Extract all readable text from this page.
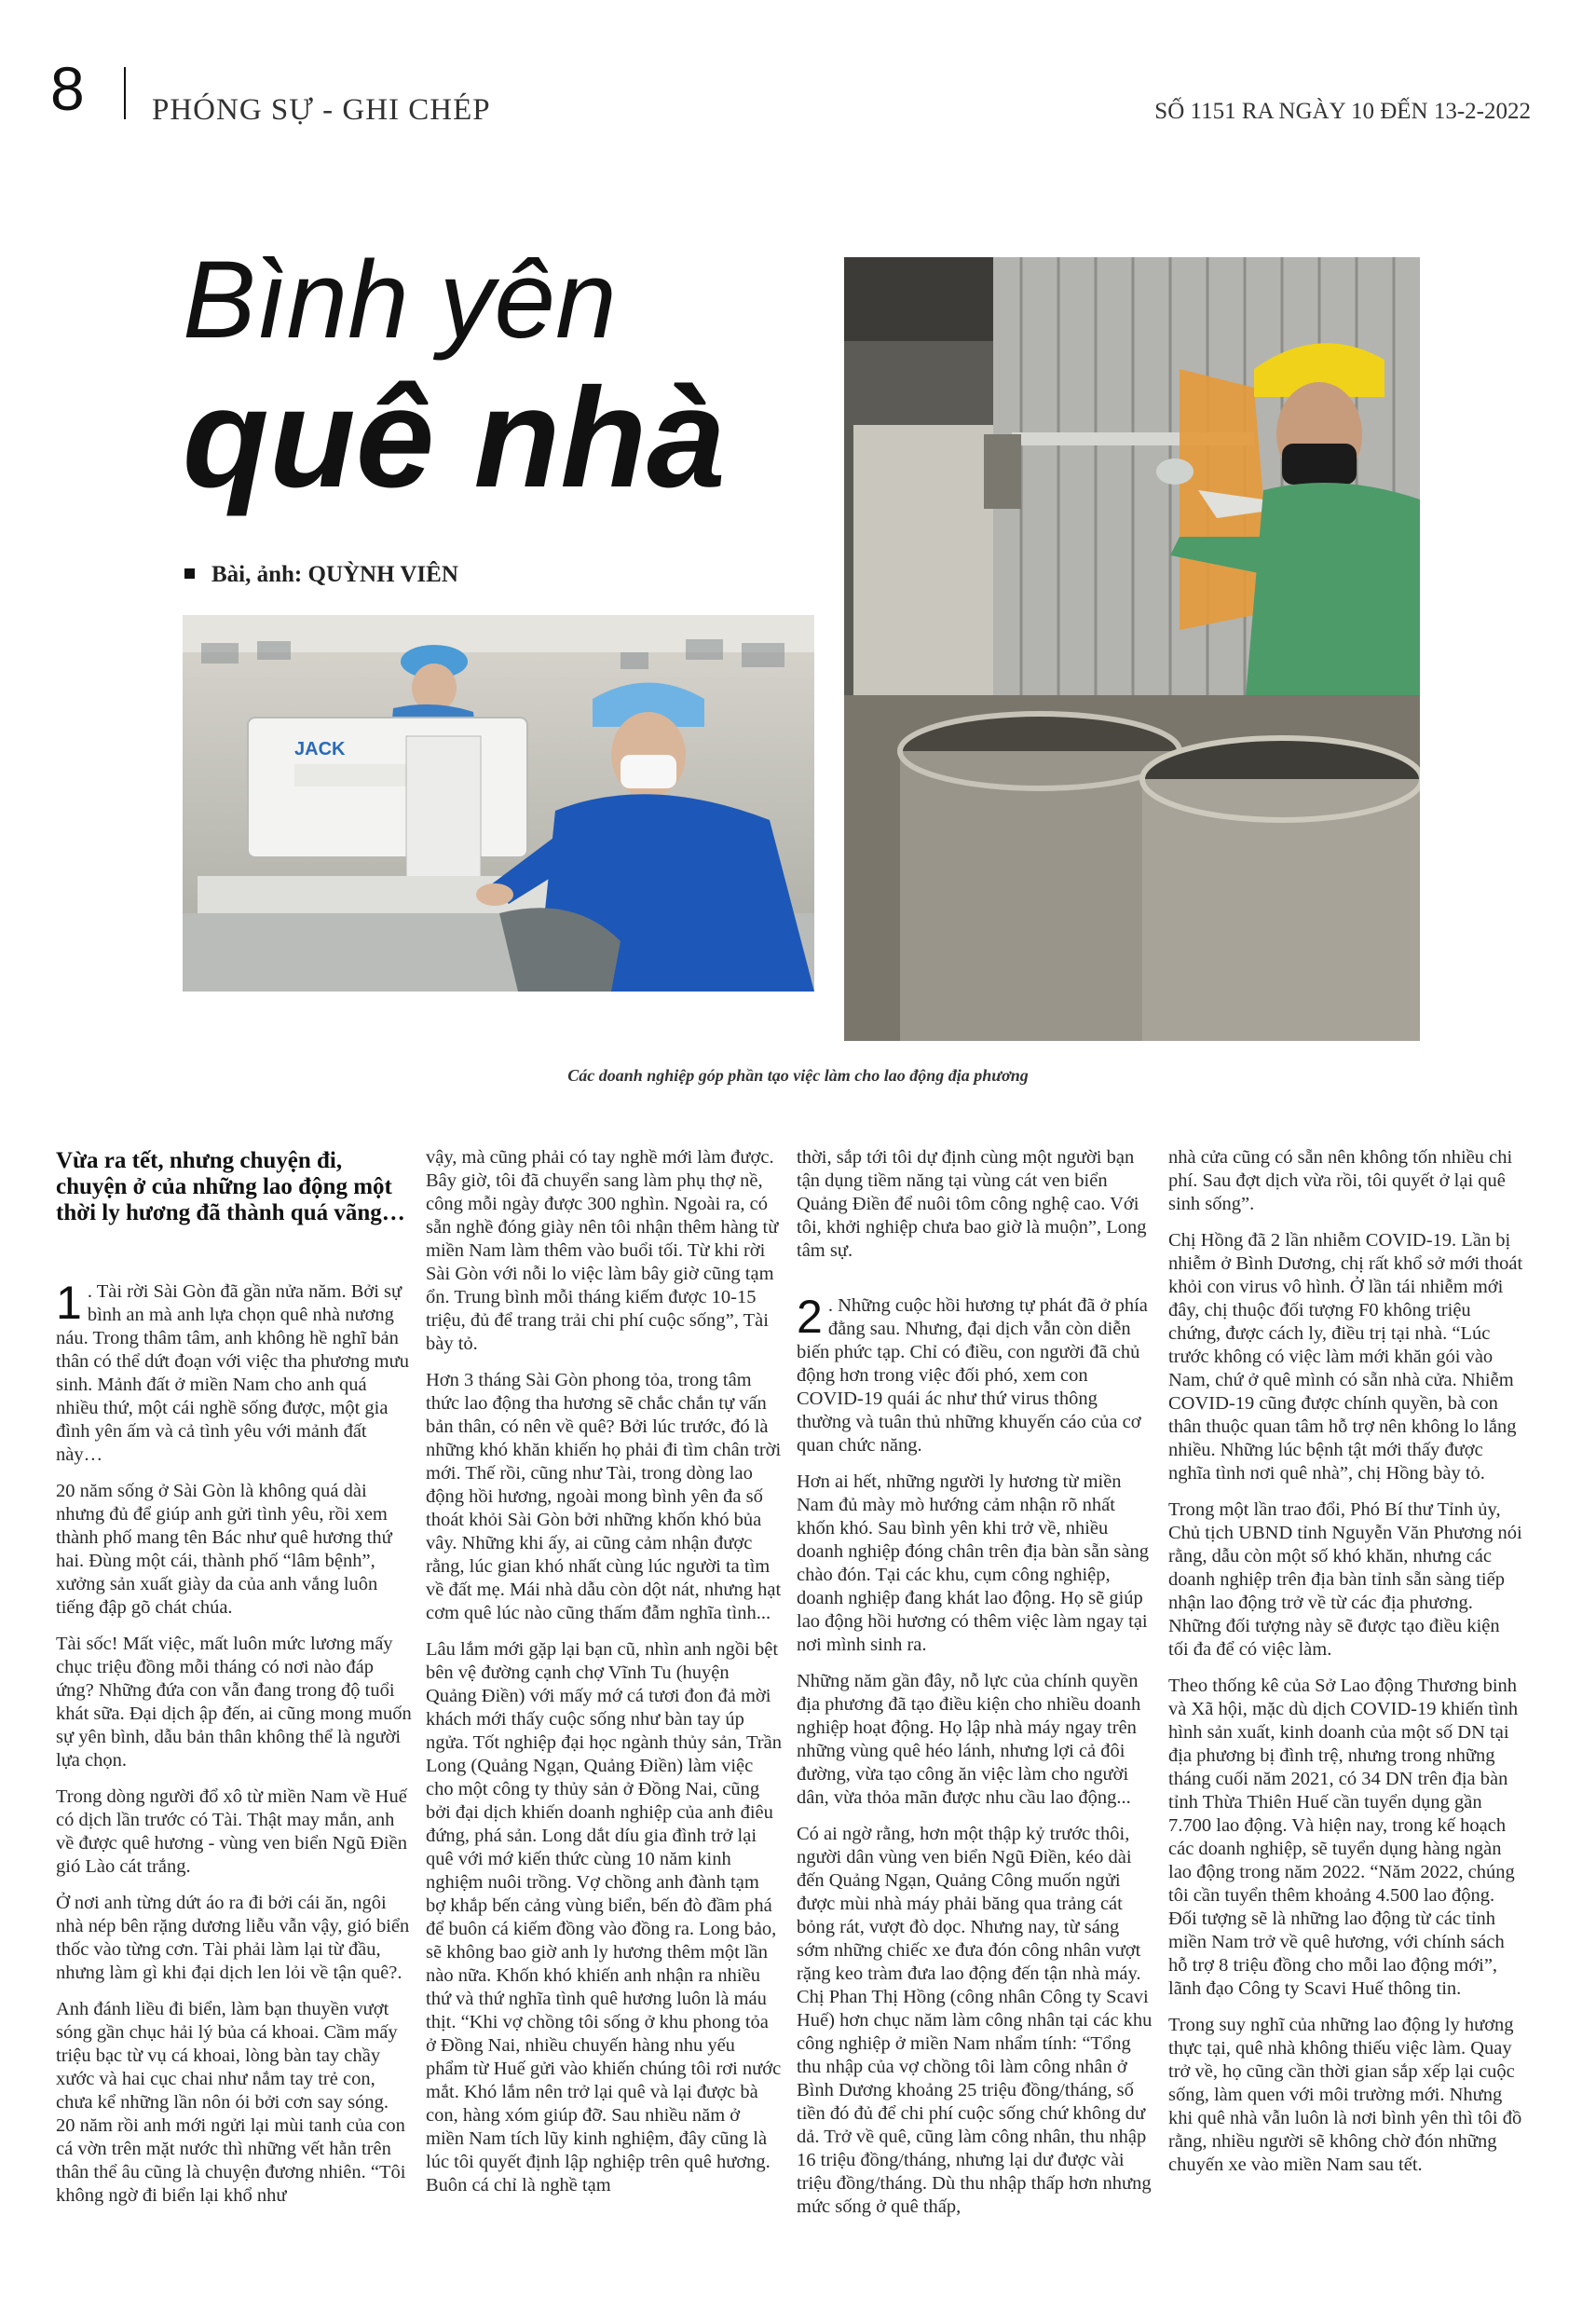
8 PHÓNG SỰ - GHI CHÉP	SỐ 1151 RA NGÀY 10 ĐẾN 13-2-2022
Bình yên
quê nhà
Bài, ảnh: QUỲNH VIÊN
JACK
Các doanh nghiệp góp phần tạo việc làm cho lao động địa phương

Vừa ra tết, nhưng chuyện đi, chuyện ở của những lao động một thời ly hương đã thành quá vãng…

1 . Tài rời Sài Gòn đã gần nửa năm. Bởi sự bình an mà anh lựa chọn quê nhà nương náu. Trong thâm tâm, anh không hề nghĩ bản thân có thể dứt đoạn với việc tha phương mưu sinh. Mảnh đất ở miền Nam cho anh quá nhiều thứ, một cái nghề sống được, một gia đình yên ấm và cả tình yêu với mảnh đất này…

20 năm sống ở Sài Gòn là không quá dài nhưng đủ để giúp anh gửi tình yêu, rồi xem thành phố mang tên Bác như quê hương thứ hai. Đùng một cái, thành phố “lâm bệnh”, xưởng sản xuất giày da của anh vắng luôn tiếng đập gõ chát chúa.

Tài sốc! Mất việc, mất luôn mức lương mấy chục triệu đồng mỗi tháng có nơi nào đáp ứng? Những đứa con vẫn đang trong độ tuổi khát sữa. Đại dịch ập đến, ai cũng mong muốn sự yên bình, dẫu bản thân không thể là người lựa chọn.

Trong dòng người đổ xô từ miền Nam về Huế có dịch lần trước có Tài. Thật may mắn, anh về được quê hương - vùng ven biển Ngũ Điền gió Lào cát trắng.

Ở nơi anh từng dứt áo ra đi bởi cái ăn, ngôi nhà nép bên rặng dương liễu vẫn vậy, gió biển thốc vào từng cơn. Tài phải làm lại từ đầu, nhưng làm gì khi đại dịch len lỏi về tận quê?.

Anh đánh liều đi biển, làm bạn thuyền vượt sóng gần chục hải lý bủa cá khoai. Cầm mấy triệu bạc từ vụ cá khoai, lòng bàn tay chầy xước và hai cục chai như nắm tay trẻ con, chưa kể những lần nôn ói bởi cơn say sóng. 20 năm rồi anh mới ngửi lại mùi tanh của con cá vờn trên mặt nước thì những vết hằn trên thân thể âu cũng là chuyện đương nhiên. “Tôi không ngờ đi biển lại khổ như

vậy, mà cũng phải có tay nghề mới làm được. Bây giờ, tôi đã chuyển sang làm phụ thợ nề, công mỗi ngày được 300 nghìn. Ngoài ra, có sẵn nghề đóng giày nên tôi nhận thêm hàng từ miền Nam làm thêm vào buổi tối. Từ khi rời Sài Gòn với nỗi lo việc làm bây giờ cũng tạm ổn. Trung bình mỗi tháng kiếm được 10-15 triệu, đủ để trang trải chi phí cuộc sống”, Tài bày tỏ.

Hơn 3 tháng Sài Gòn phong tỏa, trong tâm thức lao động tha hương sẽ chắc chắn tự vấn bản thân, có nên về quê? Bởi lúc trước, đó là những khó khăn khiến họ phải đi tìm chân trời mới. Thế rồi, cũng như Tài, trong dòng lao động hồi hương, ngoài mong bình yên đa số thoát khỏi Sài Gòn bởi những khốn khó bủa vây. Những khi ấy, ai cũng cảm nhận được rằng, lúc gian khó nhất cùng lúc người ta tìm về đất mẹ. Mái nhà dẫu còn dột nát, nhưng hạt cơm quê lúc nào cũng thấm đẫm nghĩa tình...

Lâu lắm mới gặp lại bạn cũ, nhìn anh ngồi bệt bên vệ đường cạnh chợ Vĩnh Tu (huyện Quảng Điền) với mấy mớ cá tươi đon đả mời khách mới thấy cuộc sống như bàn tay úp ngửa. Tốt nghiệp đại học ngành thủy sản, Trần Long (Quảng Ngạn, Quảng Điền) làm việc cho một công ty thủy sản ở Đồng Nai, cũng bởi đại dịch khiến doanh nghiệp của anh điêu đứng, phá sản. Long dắt díu gia đình trở lại quê với mớ kiến thức cùng 10 năm kinh nghiệm nuôi trồng. Vợ chồng anh đành tạm bợ khắp bến cảng vùng biển, bến đò đầm phá để buôn cá kiếm đồng vào đồng ra. Long bảo, sẽ không bao giờ anh ly hương thêm một lần nào nữa. Khốn khó khiến anh nhận ra nhiều thứ và thứ nghĩa tình quê hương luôn là máu thịt. “Khi vợ chồng tôi sống ở khu phong tỏa ở Đồng Nai, nhiều chuyến hàng nhu yếu phẩm từ Huế gửi vào khiến chúng tôi rơi nước mắt. Khó lắm nên trở lại quê và lại được bà con, hàng xóm giúp đỡ. Sau nhiều năm ở miền Nam tích lũy kinh nghiệm, đây cũng là lúc tôi quyết định lập nghiệp trên quê hương. Buôn cá chỉ là nghề tạm

thời, sắp tới tôi dự định cùng một người bạn tận dụng tiềm năng tại vùng cát ven biển Quảng Điền để nuôi tôm công nghệ cao. Với tôi, khởi nghiệp chưa bao giờ là muộn”, Long tâm sự.

2 . Những cuộc hồi hương tự phát đã ở phía đằng sau. Nhưng, đại dịch vẫn còn diễn biến phức tạp. Chỉ có điều, con người đã chủ động hơn trong việc đối phó, xem con COVID-19 quái ác như thứ virus thông thường và tuân thủ những khuyến cáo của cơ quan chức năng.

Hơn ai hết, những người ly hương từ miền Nam đủ mày mò hướng cảm nhận rõ nhất khốn khó. Sau bình yên khi trở về, nhiều doanh nghiệp đóng chân trên địa bàn sẵn sàng chào đón. Tại các khu, cụm công nghiệp, doanh nghiệp đang khát lao động. Họ sẽ giúp lao động hồi hương có thêm việc làm ngay tại nơi mình sinh ra.

Những năm gần đây, nỗ lực của chính quyền địa phương đã tạo điều kiện cho nhiều doanh nghiệp hoạt động. Họ lập nhà máy ngay trên những vùng quê héo lánh, nhưng lợi cả đôi đường, vừa tạo công ăn việc làm cho người dân, vừa thỏa mãn được nhu cầu lao động...

Có ai ngờ rằng, hơn một thập kỷ trước thôi, người dân vùng ven biển Ngũ Điền, kéo dài đến Quảng Ngạn, Quảng Công muốn ngửi được mùi nhà máy phải băng qua trảng cát bỏng rát, vượt đò dọc. Nhưng nay, từ sáng sớm những chiếc xe đưa đón công nhân vượt rặng keo tràm đưa lao động đến tận nhà máy. Chị Phan Thị Hồng (công nhân Công ty Scavi Huế) hơn chục năm làm công nhân tại các khu công nghiệp ở miền Nam nhẩm tính: “Tổng thu nhập của vợ chồng tôi làm công nhân ở Bình Dương khoảng 25 triệu đồng/tháng, số tiền đó đủ để chi phí cuộc sống chứ không dư dả. Trở về quê, cũng làm công nhân, thu nhập 16 triệu đồng/tháng, nhưng lại dư được vài triệu đồng/tháng. Dù thu nhập thấp hơn nhưng mức sống ở quê thấp,

nhà cửa cũng có sẵn nên không tốn nhiều chi phí. Sau đợt dịch vừa rồi, tôi quyết ở lại quê sinh sống”.

Chị Hồng đã 2 lần nhiễm COVID-19. Lần bị nhiễm ở Bình Dương, chị rất khổ sở mới thoát khỏi con virus vô hình. Ở lần tái nhiễm mới đây, chị thuộc đối tượng F0 không triệu chứng, được cách ly, điều trị tại nhà. “Lúc trước không có việc làm mới khăn gói vào Nam, chứ ở quê mình có sẵn nhà cửa. Nhiễm COVID-19 cũng được chính quyền, bà con thân thuộc quan tâm hỗ trợ nên không lo lắng nhiều. Những lúc bệnh tật mới thấy được nghĩa tình nơi quê nhà”, chị Hồng bày tỏ.

Trong một lần trao đổi, Phó Bí thư Tỉnh ủy, Chủ tịch UBND tỉnh Nguyễn Văn Phương nói rằng, dẫu còn một số khó khăn, nhưng các doanh nghiệp trên địa bàn tỉnh sẵn sàng tiếp nhận lao động trở về từ các địa phương. Những đối tượng này sẽ được tạo điều kiện tối đa để có việc làm.

Theo thống kê của Sở Lao động Thương binh và Xã hội, mặc dù dịch COVID-19 khiến tình hình sản xuất, kinh doanh của một số DN tại địa phương bị đình trệ, nhưng trong những tháng cuối năm 2021, có 34 DN trên địa bàn tỉnh Thừa Thiên Huế cần tuyển dụng gần 7.700 lao động. Và hiện nay, trong kế hoạch các doanh nghiệp, sẽ tuyển dụng hàng ngàn lao động trong năm 2022. “Năm 2022, chúng tôi cần tuyển thêm khoảng 4.500 lao động. Đối tượng sẽ là những lao động từ các tỉnh miền Nam trở về quê hương, với chính sách hỗ trợ 8 triệu đồng cho mỗi lao động mới”, lãnh đạo Công ty Scavi Huế thông tin.

Trong suy nghĩ của những lao động ly hương thực tại, quê nhà không thiếu việc làm. Quay trở về, họ cũng cần thời gian sắp xếp lại cuộc sống, làm quen với môi trường mới. Nhưng khi quê nhà vẫn luôn là nơi bình yên thì tôi đồ rằng, nhiều người sẽ không chờ đón những chuyến xe vào miền Nam sau tết.
